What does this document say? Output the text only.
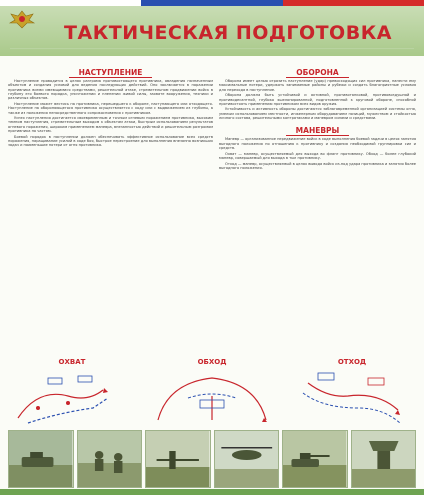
ТАКТИЧЕСКАЯ ПОДГОТОВКА
НАСТУПЛЕНИЕ

Наступление проводится в целях разгрома противостоящего противника, овладения назначенным объектом и создания условий для ведения последующих действий. Оно заключается в поражении противника всеми имеющимися средствами, решительной атаке, стремительном продвижении войск в глубину его боевого порядка, уничтожении и пленении живой силы, захвате вооружения, техники и различных объектов.

Наступление может вестись на противника, перешедшего к обороне, наступающего или отходящего. Наступление на обороняющегося противника осуществляется с ходу или с выдвижением из глубины, а также из положения непосредственного соприкосновения с противником.

Успех наступления достигается своевременным и точным огневым поражением противника, высоким темпом наступления, стремительным выходом к объектам атаки, быстрым использованием результатов огневого поражения, широким применением маневра, внезапностью действий и решительным разгромом противника по частям.

Боевой порядок в наступлении должен обеспечивать эффективное использование всех средств поражения, наращивание усилий в ходе боя, быстрое перестроение для выполнения внезапно возникших задач и наименьшие потери от огня противника.

ОБОРОНА

Оборона имеет целью отразить наступление (удар) превосходящих сил противника, нанести ему максимальные потери, удержать занимаемые районы и рубежи и создать благоприятные условия для перехода в наступление.

Оборона должна быть устойчивой и активной, противотанковой, противовоздушной и противодесантной, глубоко эшелонированной, подготовленной к круговой обороне, способной противостоять применению противником всех видов оружия.

Устойчивость и активность обороны достигаются заблаговременной организацией системы огня, умелым использованием местности, инженерным оборудованием позиций, мужеством и стойкостью личного состава, решительными контратаками и маневром силами и средствами.

МАНЕВРЫ

Маневр — организованное передвижение войск в ходе выполнения боевой задачи в целях занятия выгодного положения по отношению к противнику и создания необходимой группировки сил и средств.

Охват — маневр, осуществляемый для выхода во фланг противнику. Обход — более глубокий маневр, совершаемый для выхода в тыл противнику.

Отход — маневр, осуществляемый в целях вывода войск из-под удара противника и занятия более выгодного положения.

ОХВАТ	ОБХОД	ОТХОД
